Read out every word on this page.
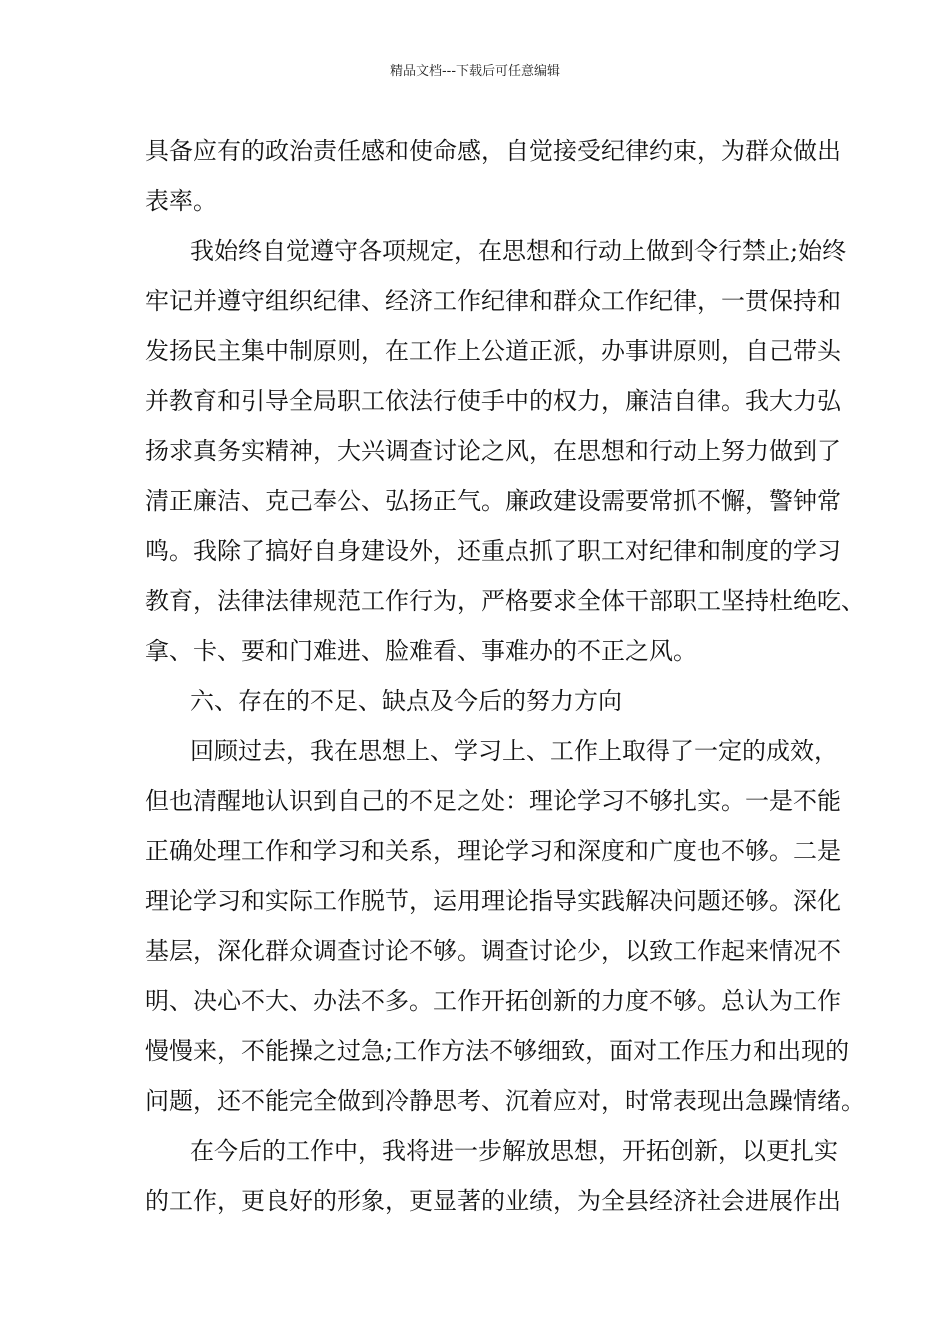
精品文档---下载后可任意编辑
具备应有的政治责任感和使命感，自觉接受纪律约束，为群众做出
表率。
我始终自觉遵守各项规定，在思想和行动上做到令行禁止;始终
牢记并遵守组织纪律、经济工作纪律和群众工作纪律，一贯保持和
发扬民主集中制原则，在工作上公道正派，办事讲原则，自己带头
并教育和引导全局职工依法行使手中的权力，廉洁自律。我大力弘
扬求真务实精神，大兴调查讨论之风，在思想和行动上努力做到了
清正廉洁、克己奉公、弘扬正气。廉政建设需要常抓不懈，警钟常
鸣。我除了搞好自身建设外，还重点抓了职工对纪律和制度的学习
教育，法律法律规范工作行为，严格要求全体干部职工坚持杜绝吃、
拿、卡、要和门难进、脸难看、事难办的不正之风。
六、存在的不足、缺点及今后的努力方向
回顾过去，我在思想上、学习上、工作上取得了一定的成效，
但也清醒地认识到自己的不足之处：理论学习不够扎实。一是不能
正确处理工作和学习和关系，理论学习和深度和广度也不够。二是
理论学习和实际工作脱节，运用理论指导实践解决问题还够。深化
基层，深化群众调查讨论不够。调查讨论少，以致工作起来情况不
明、决心不大、办法不多。工作开拓创新的力度不够。总认为工作
慢慢来，不能操之过急;工作方法不够细致，面对工作压力和出现的
问题，还不能完全做到冷静思考、沉着应对，时常表现出急躁情绪。
在今后的工作中，我将进一步解放思想，开拓创新，以更扎实
的工作，更良好的形象，更显著的业绩，为全县经济社会进展作出
